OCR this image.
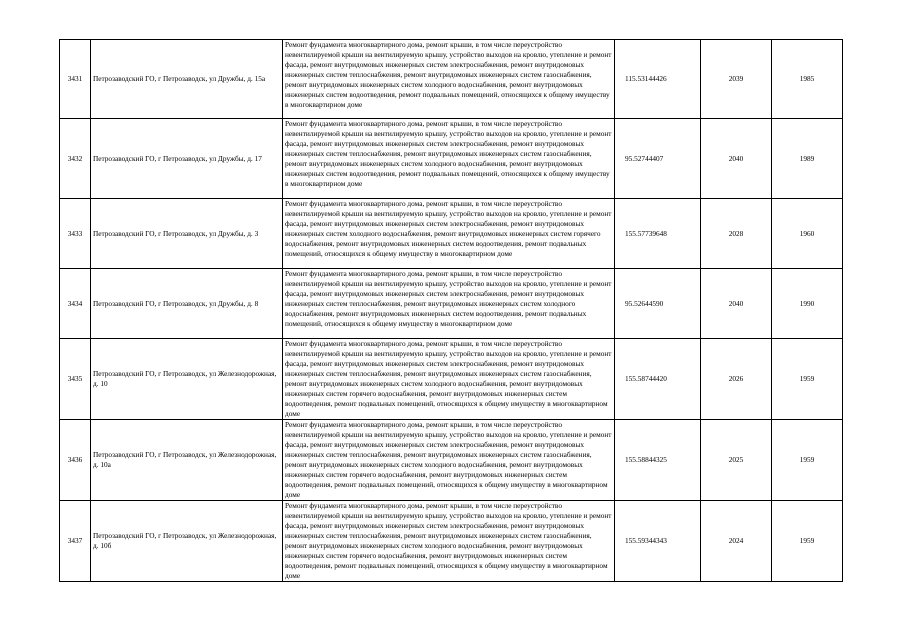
3431	Петрозаводский ГО, г Петрозаводск, ул Дружбы, д. 15а	Ремонт фундамента многоквартирного дома, ремонт крыши, в том числе переустройство невентилируемой крыши на вентилируемую крышу, устройство выходов на кровлю, утепление и ремонт фасада, ремонт внутридомовых инженерных систем электроснабжения, ремонт внутридомовых инженерных систем теплоснабжения, ремонт внутридомовых инженерных систем газоснабжения, ремонт внутридомовых инженерных систем холодного водоснабжения, ремонт внутридомовых инженерных систем водоотведения, ремонт подвальных помещений, относящихся к общему имуществу в многоквартирном доме	115.53144426	2039	1985
3432	Петрозаводский ГО, г Петрозаводск, ул Дружбы, д. 17	Ремонт фундамента многоквартирного дома, ремонт крыши, в том числе переустройство невентилируемой крыши на вентилируемую крышу, устройство выходов на кровлю, утепление и ремонт фасада, ремонт внутридомовых инженерных систем электроснабжения, ремонт внутридомовых инженерных систем теплоснабжения, ремонт внутридомовых инженерных систем газоснабжения, ремонт внутридомовых инженерных систем холодного водоснабжения, ремонт внутридомовых инженерных систем водоотведения, ремонт подвальных помещений, относящихся к общему имуществу в многоквартирном доме	95.52744407	2040	1989
3433	Петрозаводский ГО, г Петрозаводск, ул Дружбы, д. 3	Ремонт фундамента многоквартирного дома, ремонт крыши, в том числе переустройство невентилируемой крыши на вентилируемую крышу, устройство выходов на кровлю, утепление и ремонт фасада, ремонт внутридомовых инженерных систем электроснабжения, ремонт внутридомовых инженерных систем холодного водоснабжения, ремонт внутридомовых инженерных систем горячего водоснабжения, ремонт внутридомовых инженерных систем водоотведения, ремонт подвальных помещений, относящихся к общему имуществу в многоквартирном доме	155.57739648	2028	1960
3434	Петрозаводский ГО, г Петрозаводск, ул Дружбы, д. 8	Ремонт фундамента многоквартирного дома, ремонт крыши, в том числе переустройство невентилируемой крыши на вентилируемую крышу, устройство выходов на кровлю, утепление и ремонт фасада, ремонт внутридомовых инженерных систем электроснабжения, ремонт внутридомовых инженерных систем теплоснабжения, ремонт внутридомовых инженерных систем холодного водоснабжения, ремонт внутридомовых инженерных систем водоотведения, ремонт подвальных помещений, относящихся к общему имуществу в многоквартирном доме	95.52644590	2040	1990
3435	Петрозаводский ГО, г Петрозаводск, ул Железнодорожная, д. 10	Ремонт фундамента многоквартирного дома, ремонт крыши, в том числе переустройство невентилируемой крыши на вентилируемую крышу, устройство выходов на кровлю, утепление и ремонт фасада, ремонт внутридомовых инженерных систем электроснабжения, ремонт внутридомовых инженерных систем теплоснабжения, ремонт внутридомовых инженерных систем газоснабжения, ремонт внутридомовых инженерных систем холодного водоснабжения, ремонт внутридомовых инженерных систем горячего водоснабжения, ремонт внутридомовых инженерных систем водоотведения, ремонт подвальных помещений, относящихся к общему имуществу в многоквартирном доме	155.58744420	2026	1959
3436	Петрозаводский ГО, г Петрозаводск, ул Железнодорожная, д. 10а	Ремонт фундамента многоквартирного дома, ремонт крыши, в том числе переустройство невентилируемой крыши на вентилируемую крышу, устройство выходов на кровлю, утепление и ремонт фасада, ремонт внутридомовых инженерных систем электроснабжения, ремонт внутридомовых инженерных систем теплоснабжения, ремонт внутридомовых инженерных систем газоснабжения, ремонт внутридомовых инженерных систем холодного водоснабжения, ремонт внутридомовых инженерных систем горячего водоснабжения, ремонт внутридомовых инженерных систем водоотведения, ремонт подвальных помещений, относящихся к общему имуществу в многоквартирном доме	155.58844325	2025	1959
3437	Петрозаводский ГО, г Петрозаводск, ул Железнодорожная, д. 10б	Ремонт фундамента многоквартирного дома, ремонт крыши, в том числе переустройство невентилируемой крыши на вентилируемую крышу, устройство выходов на кровлю, утепление и ремонт фасада, ремонт внутридомовых инженерных систем электроснабжения, ремонт внутридомовых инженерных систем теплоснабжения, ремонт внутридомовых инженерных систем газоснабжения, ремонт внутридомовых инженерных систем холодного водоснабжения, ремонт внутридомовых инженерных систем горячего водоснабжения, ремонт внутридомовых инженерных систем водоотведения, ремонт подвальных помещений, относящихся к общему имуществу в многоквартирном доме	155.59344343	2024	1959
